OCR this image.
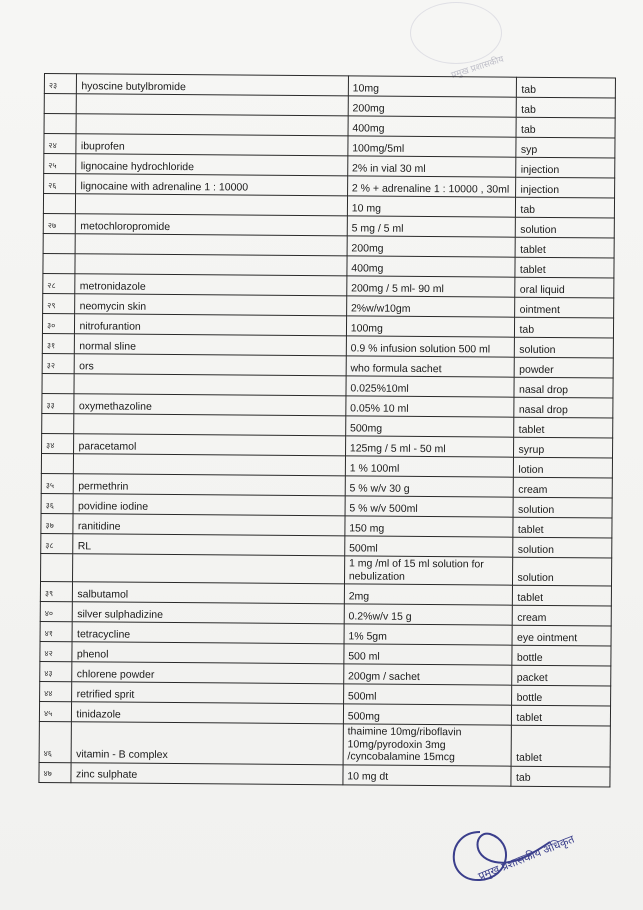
प्रमुख प्रशासकीय
२३	hyoscine butylbromide	10mg	tab
		200mg	tab
		400mg	tab
२४	ibuprofen	100mg/5ml	syp
२५	lignocaine hydrochloride	2% in vial 30 ml	injection
२६	lignocaine with adrenaline 1 : 10000	2 % + adrenaline 1 : 10000 , 30ml	injection
		10 mg	tab
२७	metochloropromide	5 mg / 5 ml	solution
		200mg	tablet
		400mg	tablet
२८	metronidazole	200mg / 5 ml- 90 ml	oral liquid
२९	neomycin skin	2%w/w10gm	ointment
३०	nitrofurantion	100mg	tab
३१	normal sline	0.9 % infusion solution 500 ml	solution
३२	ors	who formula sachet	powder
		0.025%10ml	nasal drop
३३	oxymethazoline	0.05% 10 ml	nasal drop
		500mg	tablet
३४	paracetamol	125mg / 5 ml - 50 ml	syrup
		1 % 100ml	lotion
३५	permethrin	5 % w/v 30 g	cream
३६	povidine iodine	5 % w/v 500ml	solution
३७	ranitidine	150 mg	tablet
३८	RL	500ml	solution
		1 mg /ml of 15 ml solution for nebulization	solution
३९	salbutamol	2mg	tablet
४०	silver sulphadizine	0.2%w/v 15 g	cream
४१	tetracycline	1% 5gm	eye ointment
४२	phenol	500 ml	bottle
४३	chlorene powder	200gm / sachet	packet
४४	retrified sprit	500ml	bottle
४५	tinidazole	500mg	tablet
४६	vitamin - B complex	thaimine 10mg/riboflavin 10mg/pyrodoxin 3mg /cyncobalamine 15mcg	tablet
४७	zinc sulphate	10 mg dt	tab
प्रमुख प्रशासकीय अधिकृत
